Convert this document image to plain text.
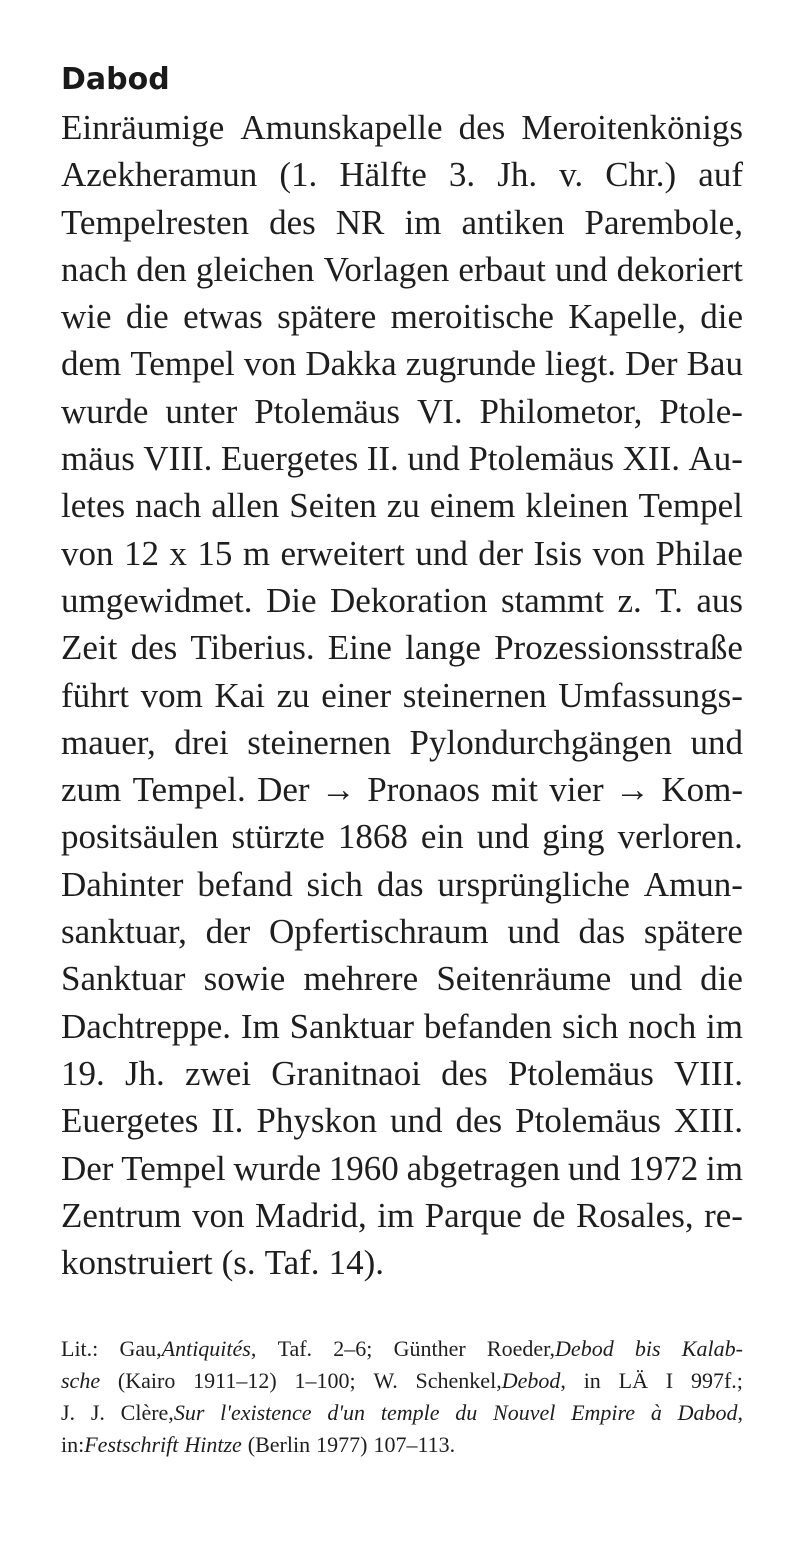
Dabod
Einräumige Amunskapelle des Meroitenkönigs
Azekheramun (1. Hälfte 3. Jh. v. Chr.) auf
Tempelresten des NR im antiken Parembole,
nach den gleichen Vorlagen erbaut und dekoriert
wie die etwas spätere meroitische Kapelle, die
dem Tempel von Dakka zugrunde liegt. Der Bau
wurde unter Ptolemäus VI. Philometor, Ptole-
mäus VIII. Euergetes II. und Ptolemäus XII. Au-
letes nach allen Seiten zu einem kleinen Tempel
von 12 x 15 m erweitert und der Isis von Philae
umgewidmet. Die Dekoration stammt z. T. aus
Zeit des Tiberius. Eine lange Prozessionsstraße
führt vom Kai zu einer steinernen Umfassungs-
mauer, drei steinernen Pylondurchgängen und
zum Tempel. Der → Pronaos mit vier → Kom-
positsäulen stürzte 1868 ein und ging verloren.
Dahinter befand sich das ursprüngliche Amun-
sanktuar, der Opfertischraum und das spätere
Sanktuar sowie mehrere Seitenräume und die
Dachtreppe. Im Sanktuar befanden sich noch im
19. Jh. zwei Granitnaoi des Ptolemäus VIII.
Euergetes II. Physkon und des Ptolemäus XIII.
Der Tempel wurde 1960 abgetragen und 1972 im
Zentrum von Madrid, im Parque de Rosales, re-
konstruiert (s. Taf. 14).
Lit.: Gau,Antiquités, Taf. 2–6; Günther Roeder,Debod bis Kalab-
sche (Kairo 1911–12) 1–100; W. Schenkel,Debod, in LÄ I 997f.;
J. J. Clère,Sur l'existence d'un temple du Nouvel Empire à Dabod,
in:Festschrift Hintze (Berlin 1977) 107–113.
